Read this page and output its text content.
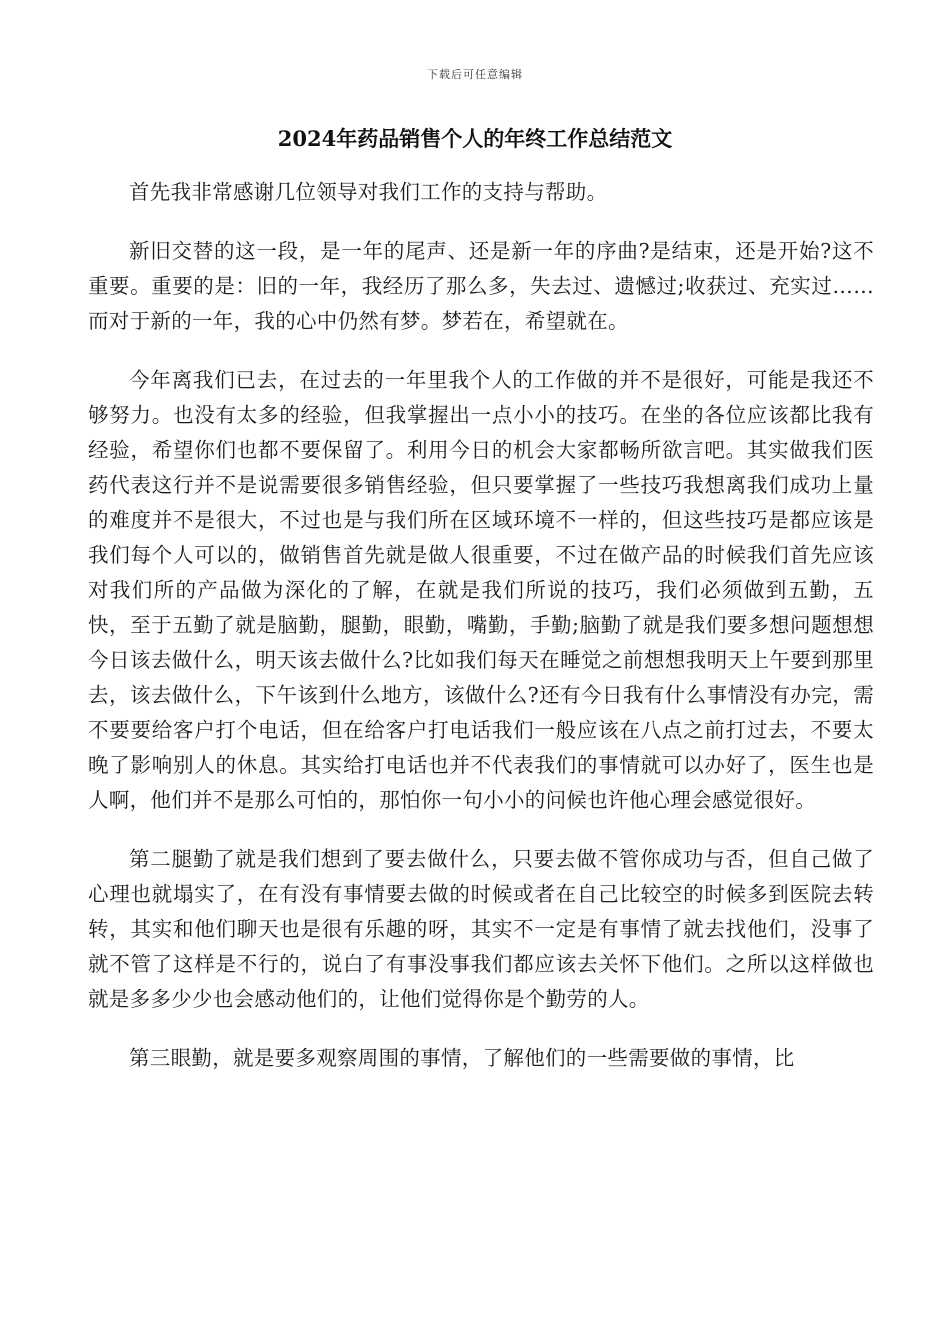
下载后可任意编辑
2024年药品销售个人的年终工作总结范文

首先我非常感谢几位领导对我们工作的支持与帮助。

新旧交替的这一段，是一年的尾声、还是新一年的序曲?是结束，还是开始?这不重要。重要的是：旧的一年，我经历了那么多，失去过、遗憾过;收获过、充实过……而对于新的一年，我的心中仍然有梦。梦若在，希望就在。

今年离我们已去，在过去的一年里我个人的工作做的并不是很好，可能是我还不够努力。也没有太多的经验，但我掌握出一点小小的技巧。在坐的各位应该都比我有经验，希望你们也都不要保留了。利用今日的机会大家都畅所欲言吧。其实做我们医药代表这行并不是说需要很多销售经验，但只要掌握了一些技巧我想离我们成功上量的难度并不是很大，不过也是与我们所在区域环境不一样的，但这些技巧是都应该是我们每个人可以的，做销售首先就是做人很重要，不过在做产品的时候我们首先应该对我们所的产品做为深化的了解，在就是我们所说的技巧，我们必须做到五勤，五快，至于五勤了就是脑勤，腿勤，眼勤，嘴勤，手勤;脑勤了就是我们要多想问题想想今日该去做什么，明天该去做什么?比如我们每天在睡觉之前想想我明天上午要到那里去，该去做什么，下午该到什么地方，该做什么?还有今日我有什么事情没有办完，需不要要给客户打个电话，但在给客户打电话我们一般应该在八点之前打过去，不要太晚了影响别人的休息。其实给打电话也并不代表我们的事情就可以办好了，医生也是人啊，他们并不是那么可怕的，那怕你一句小小的问候也许他心理会感觉很好。

第二腿勤了就是我们想到了要去做什么，只要去做不管你成功与否，但自己做了心理也就塌实了，在有没有事情要去做的时候或者在自己比较空的时候多到医院去转转，其实和他们聊天也是很有乐趣的呀，其实不一定是有事情了就去找他们，没事了就不管了这样是不行的，说白了有事没事我们都应该去关怀下他们。之所以这样做也就是多多少少也会感动他们的，让他们觉得你是个勤劳的人。

第三眼勤，就是要多观察周围的事情，了解他们的一些需要做的事情，比
